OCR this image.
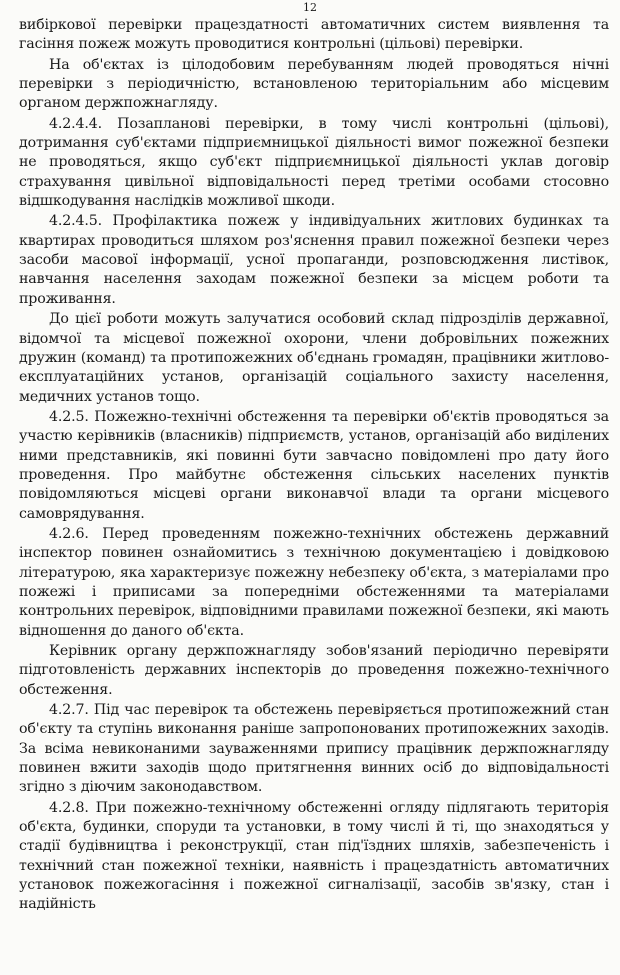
12

вибіркової перевірки працездатності автоматичних систем виявлення та гасіння пожеж можуть проводитися контрольні (цільові) перевірки.

На об'єктах із цілодобовим перебуванням людей проводяться нічні перевірки з періодичністю, встановленою територіальним або місцевим органом держпожнагляду.

4.2.4.4. Позапланові перевірки, в тому числі контрольні (цільові), дотримання суб'єктами підприємницької діяльності вимог пожежної безпеки не проводяться, якщо суб'єкт підприємницької діяльності уклав договір страхування цивільної відповідальності перед третіми особами стосовно відшкодування наслідків можливої шкоди.

4.2.4.5. Профілактика пожеж у індивідуальних житлових будинках та квартирах проводиться шляхом роз'яснення правил пожежної безпеки через засоби масової інформації, усної пропаганди, розповсюдження листівок, навчання населення заходам пожежної безпеки за місцем роботи та проживання.

До цієї роботи можуть залучатися особовий склад підрозділів державної, відомчої та місцевої пожежної охорони, члени добровільних пожежних дружин (команд) та протипожежних об'єднань громадян, працівники житлово-експлуатаційних установ, організацій соціального захисту населення, медичних установ тощо.

4.2.5. Пожежно-технічні обстеження та перевірки об'єктів проводяться за участю керівників (власників) підприємств, установ, організацій або виділених ними представників, які повинні бути завчасно повідомлені про дату його проведення. Про майбутнє обстеження сільських населених пунктів повідомляються місцеві органи виконавчої влади та органи місцевого самоврядування.

4.2.6. Перед проведенням пожежно-технічних обстежень державний інспектор повинен ознайомитись з технічною документацією і довідковою літературою, яка характеризує пожежну небезпеку об'єкта, з матеріалами про пожежі і приписами за попередніми обстеженнями та матеріалами контрольних перевірок, відповідними правилами пожежної безпеки, які мають відношення до даного об'єкта.

Керівник органу держпожнагляду зобов'язаний періодично перевіряти підготовленість державних інспекторів до проведення пожежно-технічного обстеження.

4.2.7. Під час перевірок та обстежень перевіряється протипожежний стан об'єкту та ступінь виконання раніше запропонованих протипожежних заходів. За всіма невиконаними зауваженнями припису працівник держпожнагляду повинен вжити заходів щодо притягнення винних осіб до відповідальності згідно з діючим законодавством.

4.2.8. При пожежно-технічному обстеженні огляду підлягають територія об'єкта, будинки, споруди та установки, в тому числі й ті, що знаходяться у стадії будівництва і реконструкції, стан під'їздних шляхів, забезпеченість і технічний стан пожежної техніки, наявність і працездатність автоматичних установок пожежогасіння і пожежної сигналізації, засобів зв'язку, стан і надійність
